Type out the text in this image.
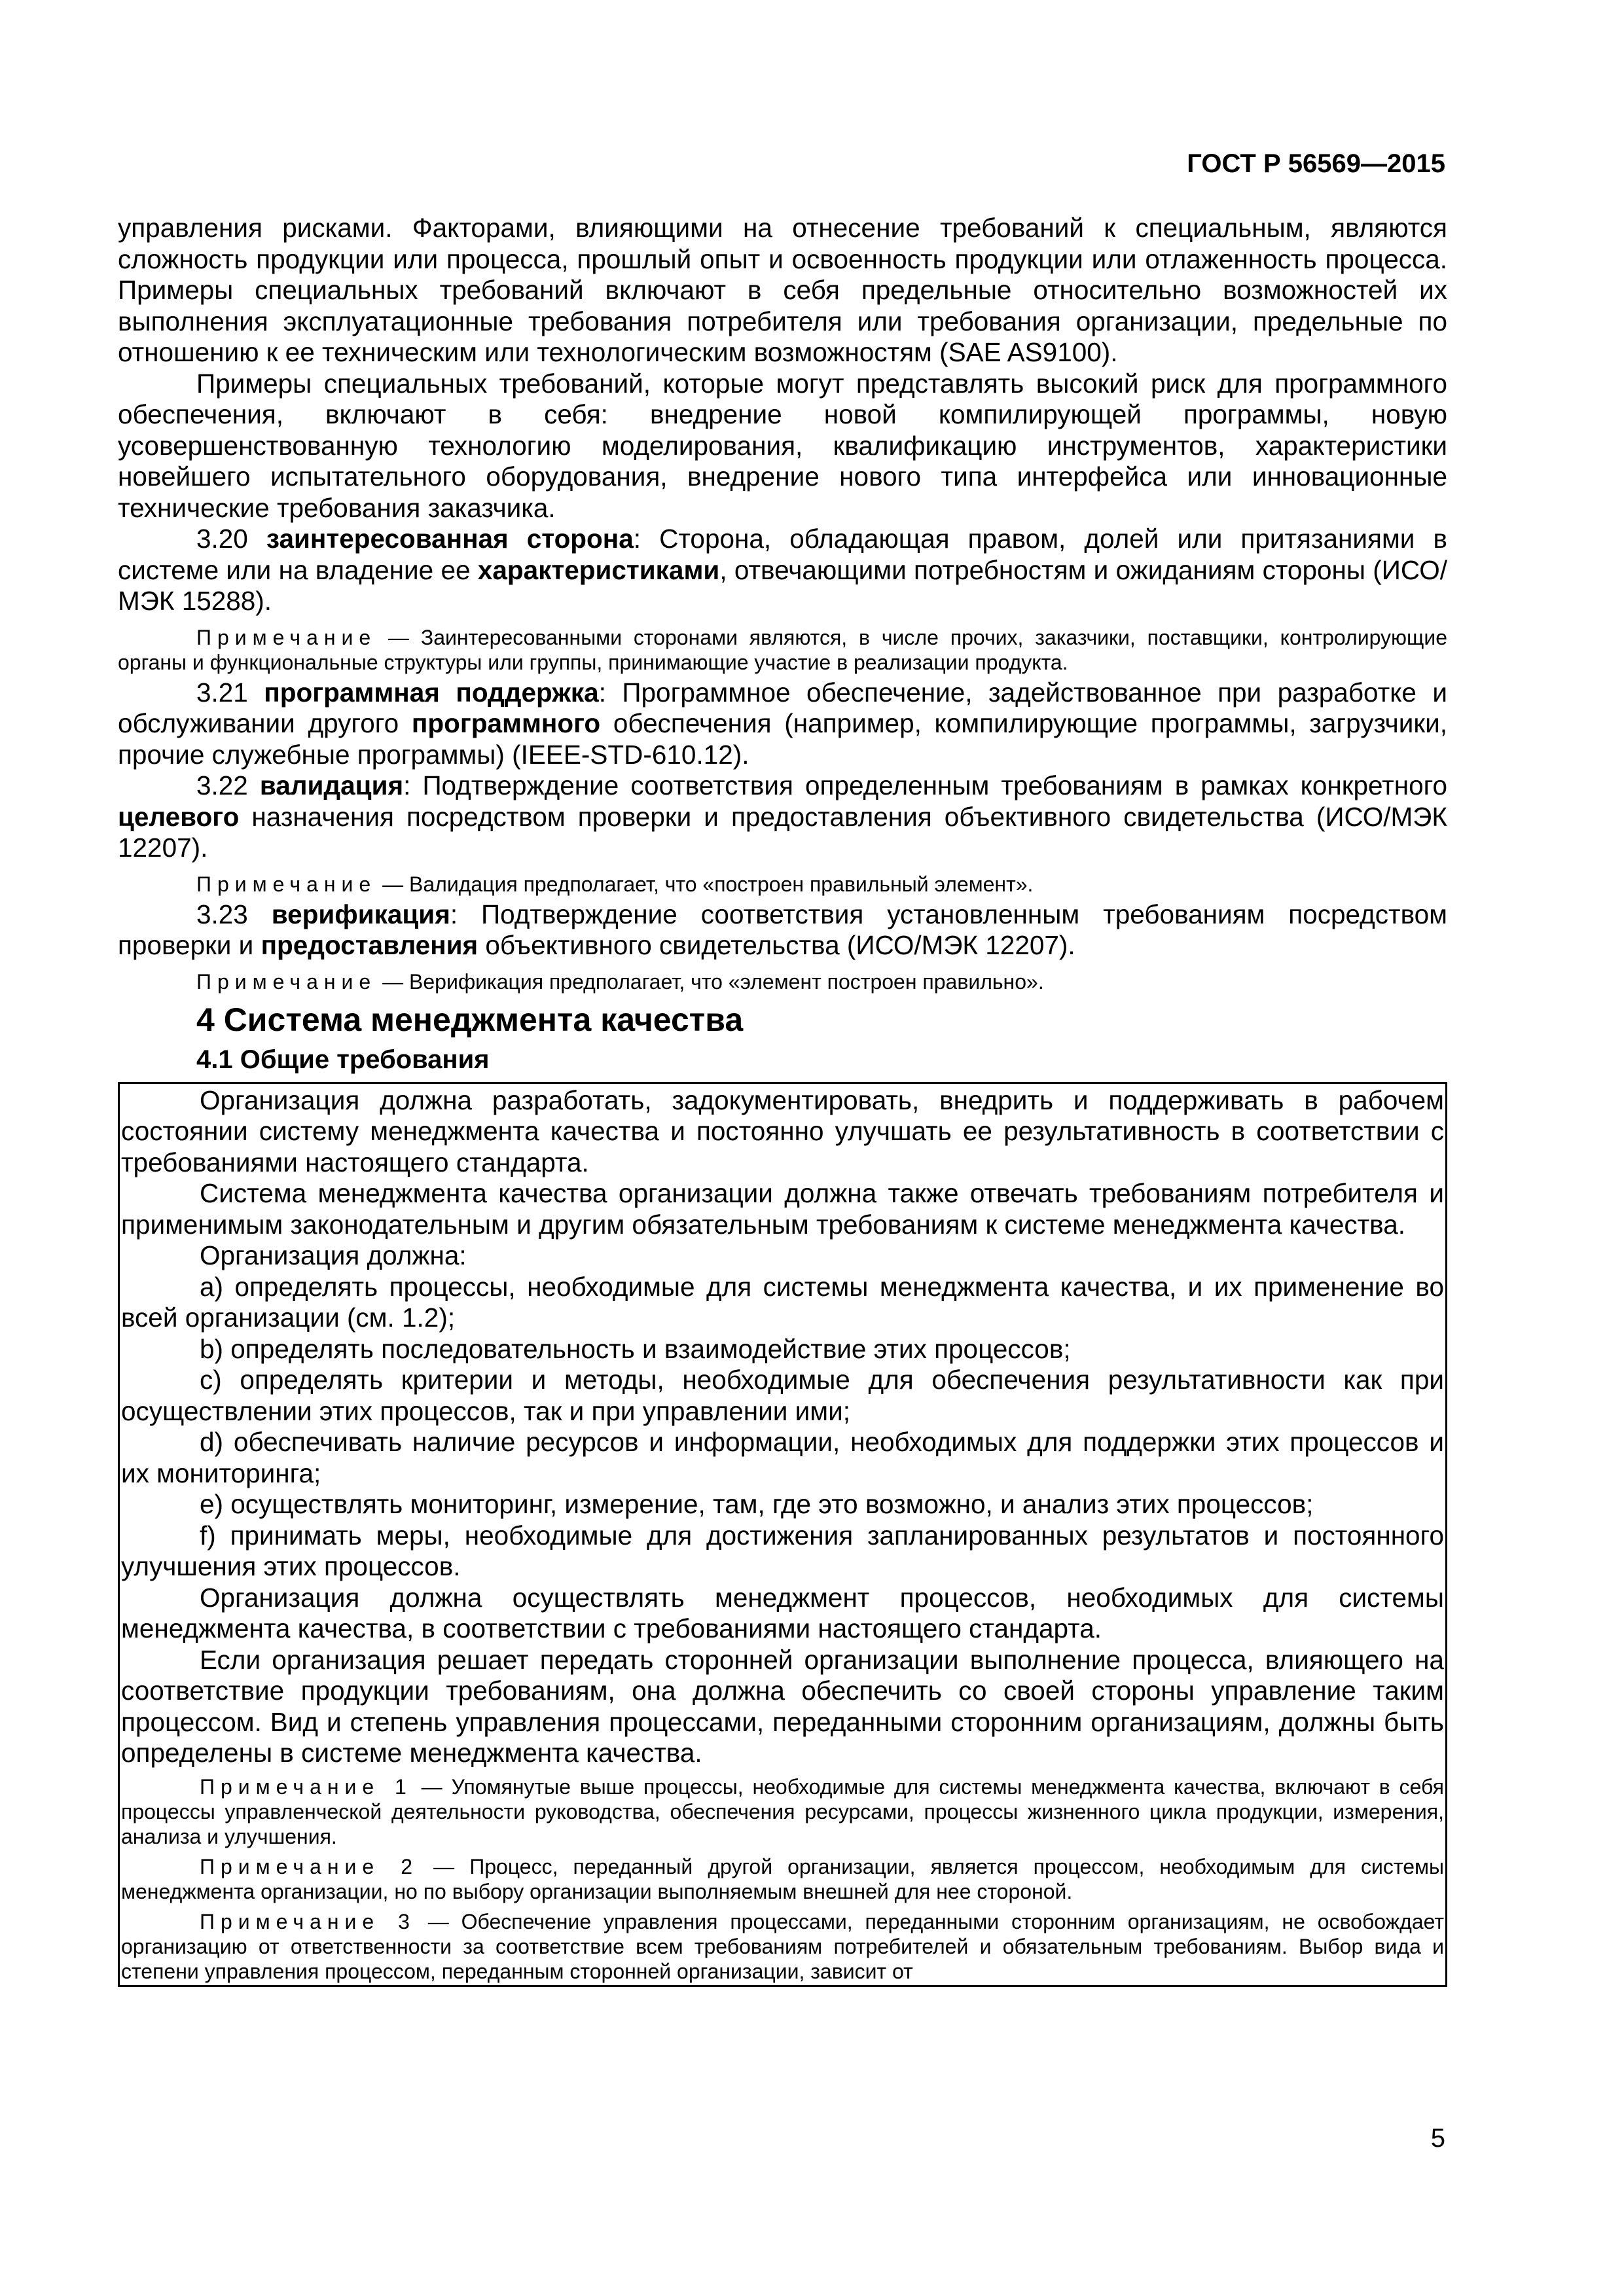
ГОСТ Р 56569—2015

управления рисками. Факторами, влияющими на отнесение требований к специальным, являются сложность продукции или процесса, прошлый опыт и освоенность продукции или отлаженность процесса. Примеры специальных требований включают в себя предельные относительно возможностей их выполнения эксплуатационные требования потребителя или требования организации, предельные по отношению к ее техническим или технологическим возможностям (SAE AS9100).

Примеры специальных требований, которые могут представлять высокий риск для программного обеспечения, включают в себя: внедрение новой компилирующей программы, новую усовершенствованную технологию моделирования, квалификацию инструментов, характеристики новейшего испытательного оборудования, внедрение нового типа интерфейса или инновационные технические требования заказчика.

3.20 заинтересованная сторона: Сторона, обладающая правом, долей или притязаниями в системе или на владение ее характеристиками, отвечающими потребностям и ожиданиям стороны (ИСО/МЭК 15288).

Примечание — Заинтересованными сторонами являются, в числе прочих, заказчики, поставщики, контролирующие органы и функциональные структуры или группы, принимающие участие в реализации продукта.

3.21 программная поддержка: Программное обеспечение, задействованное при разработке и обслуживании другого программного обеспечения (например, компилирующие программы, загрузчики, прочие служебные программы) (IEEE-STD-610.12).

3.22 валидация: Подтверждение соответствия определенным требованиям в рамках конкретного целевого назначения посредством проверки и предоставления объективного свидетельства (ИСО/МЭК 12207).

Примечание — Валидация предполагает, что «построен правильный элемент».

3.23 верификация: Подтверждение соответствия установленным требованиям посредством проверки и предоставления объективного свидетельства (ИСО/МЭК 12207).

Примечание — Верификация предполагает, что «элемент построен правильно».

4 Система менеджмента качества
4.1 Общие требования

Организация должна разработать, задокументировать, внедрить и поддерживать в рабочем состоянии систему менеджмента качества и постоянно улучшать ее результативность в соответствии с требованиями настоящего стандарта.

Система менеджмента качества организации должна также отвечать требованиям потребителя и применимым законодательным и другим обязательным требованиям к системе менеджмента качества.

Организация должна:

a) определять процессы, необходимые для системы менеджмента качества, и их применение во всей организации (см. 1.2);

b) определять последовательность и взаимодействие этих процессов;

c) определять критерии и методы, необходимые для обеспечения результативности как при осуществлении этих процессов, так и при управлении ими;

d) обеспечивать наличие ресурсов и информации, необходимых для поддержки этих процессов и их мониторинга;

e) осуществлять мониторинг, измерение, там, где это возможно, и анализ этих процессов;

f) принимать меры, необходимые для достижения запланированных результатов и постоянного улучшения этих процессов.

Организация должна осуществлять менеджмент процессов, необходимых для системы менеджмента качества, в соответствии с требованиями настоящего стандарта.

Если организация решает передать сторонней организации выполнение процесса, влияющего на соответствие продукции требованиям, она должна обеспечить со своей стороны управление таким процессом. Вид и степень управления процессами, переданными сторонним организациям, должны быть определены в системе менеджмента качества.

Примечание 1 — Упомянутые выше процессы, необходимые для системы менеджмента качества, включают в себя процессы управленческой деятельности руководства, обеспечения ресурсами, процессы жизненного цикла продукции, измерения, анализа и улучшения.

Примечание 2 — Процесс, переданный другой организации, является процессом, необходимым для системы менеджмента организации, но по выбору организации выполняемым внешней для нее стороной.

Примечание 3 — Обеспечение управления процессами, переданными сторонним организациям, не освобождает организацию от ответственности за соответствие всем требованиям потребителей и обязательным требованиям. Выбор вида и степени управления процессом, переданным сторонней организации, зависит от

5
